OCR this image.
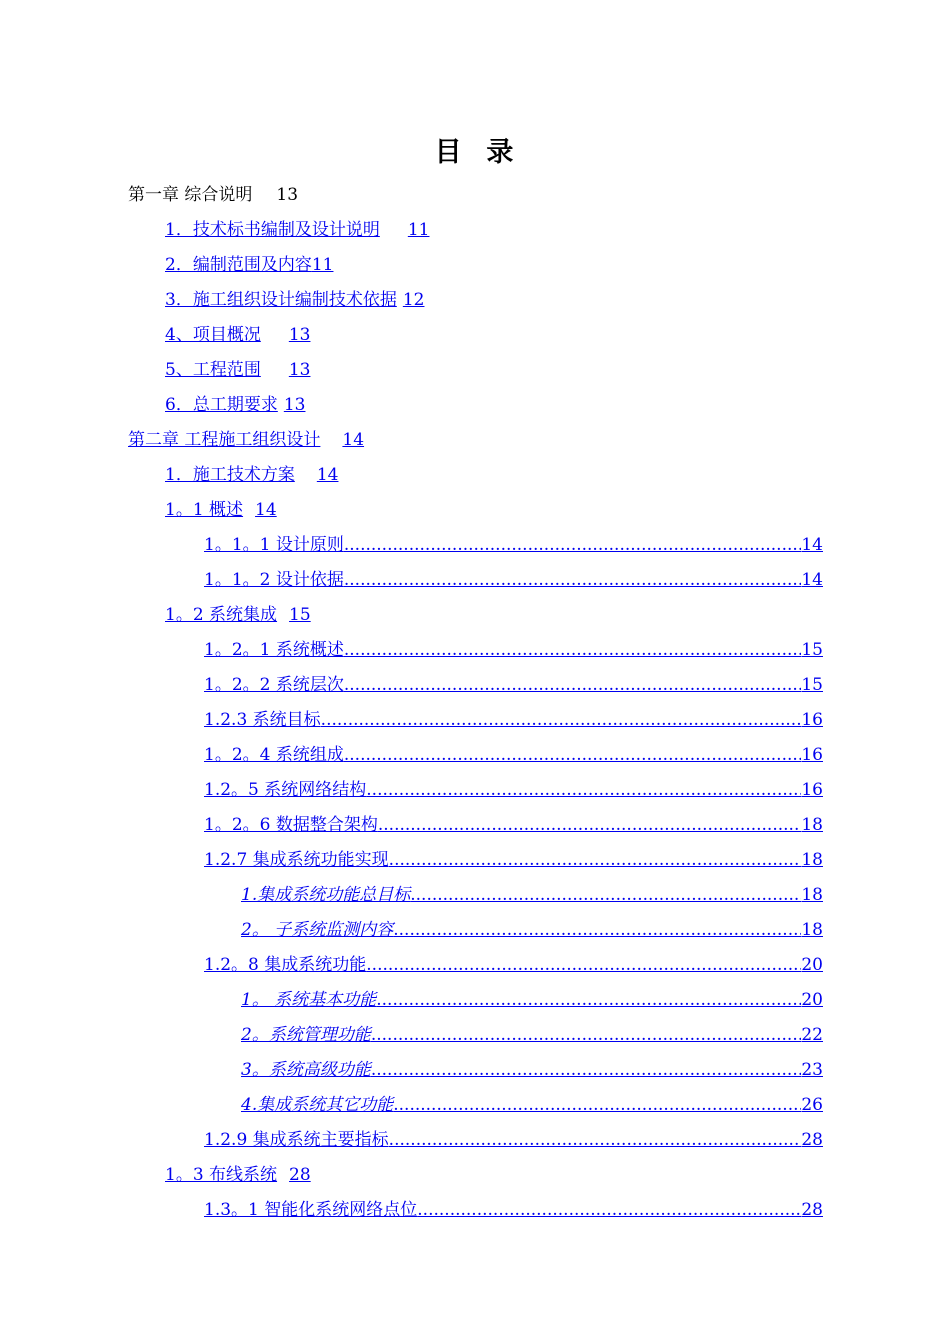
目  录
第一章 综合说明 13
1．技术标书编制及设计说明 11
2．编制范围及内容 11
3．施工组织设计编制技术依据 12
4、项目概况 13
5、工程范围 13
6．总工期要求 13
第二章 工程施工组织设计 14
1．施工技术方案 14
1。1 概述 14
1。1。1 设计原则 .....	14
1。1。2 设计依据 .....	14
1。2 系统集成 15
1。2。1 系统概述 .....	15
1。2。2 系统层次 .....	15
1.2.3 系统目标 .....	16
1。2。4 系统组成 .....	16
1.2。5 系统网络结构 .....	16
1。2。6 数据整合架构 .....	18
1.2.7 集成系统功能实现 .....	18
1.集成系统功能总目标 .....	18
2。 子系统监测内容 .....	18
1.2。8 集成系统功能 .....	20
1。 系统基本功能 .....	20
2。系统管理功能 .....	22
3。系统高级功能 .....	23
4.集成系统其它功能 .....	26
1.2.9 集成系统主要指标 .....	28
1。3 布线系统 28
1.3。1 智能化系统网络点位 .....	28
